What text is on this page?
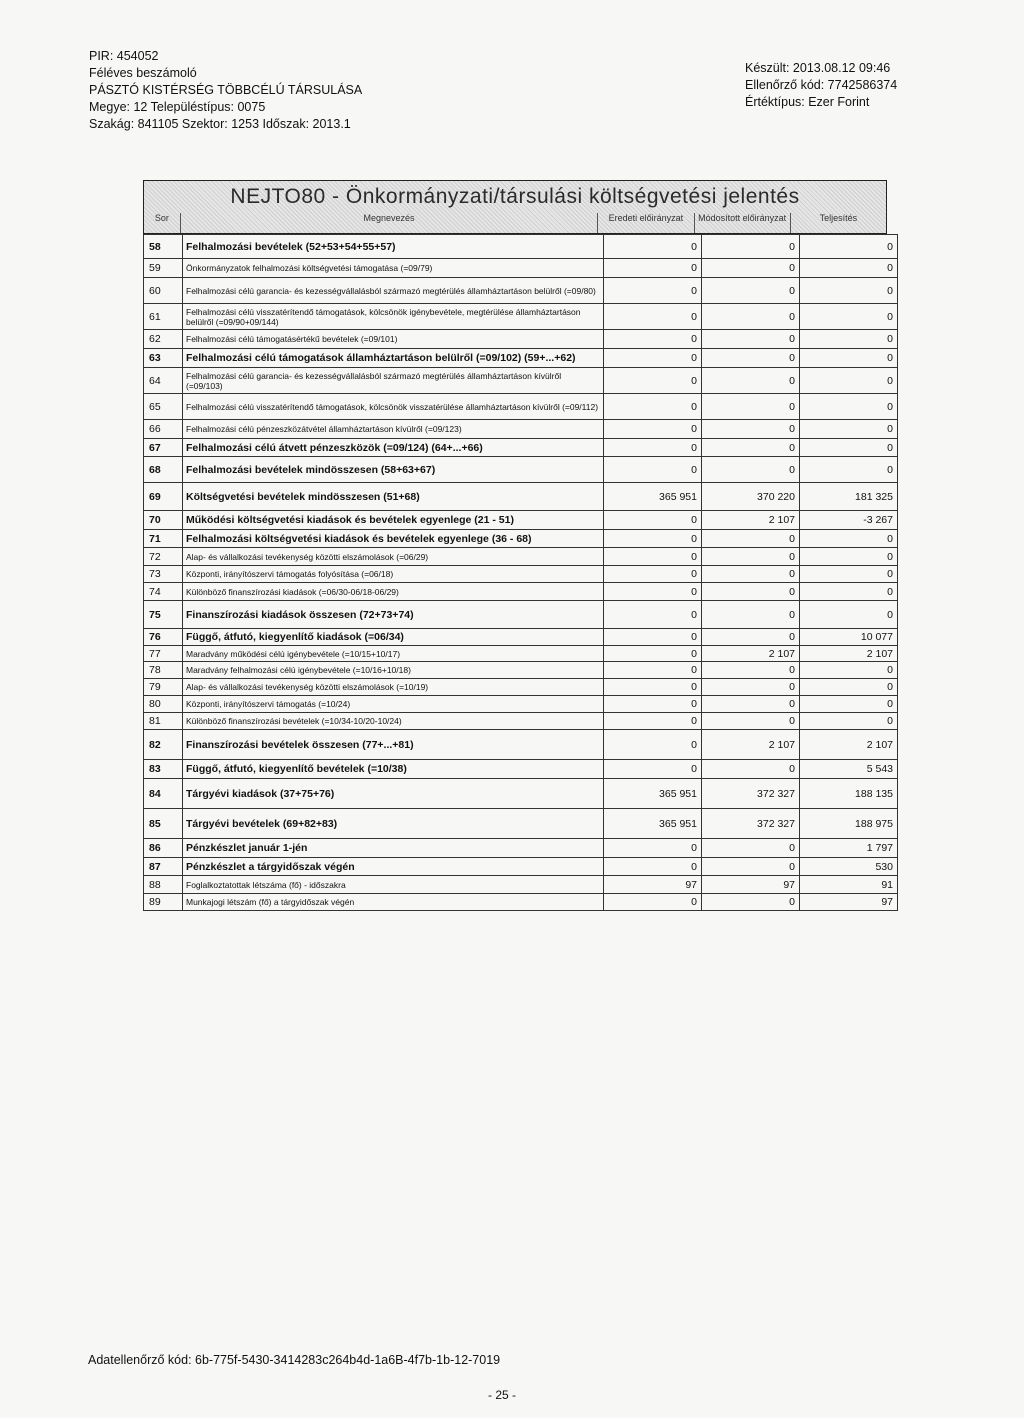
PIR: 454052
Féléves beszámoló
PÁSZTÓ KISTÉRSÉG TÖBBCÉLÚ TÁRSULÁSA
Megye: 12 Településtípus: 0075
Szakág: 841105 Szektor: 1253 Időszak: 2013.1
Készült: 2013.08.12 09:46
Ellenőrző kód: 7742586374
Értéktípus: Ezer Forint
NEJTO80 - Önkormányzati/társulási költségvetési jelentés
Sor	Megnevezés	Eredeti előirányzat	Módosított előirányzat	Teljesítés
58	Felhalmozási bevételek (52+53+54+55+57)	0	0	0
59	Önkormányzatok felhalmozási költségvetési támogatása (=09/79)	0	0	0
60	Felhalmozási célú garancia- és kezességvállalásból származó megtérülés államháztartáson belülről (=09/80)	0	0	0
61	Felhalmozási célú visszatérítendő támogatások, kölcsönök igénybevétele, megtérülése államháztartáson belülről (=09/90+09/144)	0	0	0
62	Felhalmozási célú támogatásértékű bevételek (=09/101)	0	0	0
63	Felhalmozási célú támogatások államháztartáson belülről (=09/102) (59+...+62)	0	0	0
64	Felhalmozási célú garancia- és kezességvállalásból származó megtérülés államháztartáson kívülről (=09/103)	0	0	0
65	Felhalmozási célú visszatérítendő támogatások, kölcsönök visszatérülése államháztartáson kívülről (=09/112)	0	0	0
66	Felhalmozási célú pénzeszközátvétel államháztartáson kívülről (=09/123)	0	0	0
67	Felhalmozási célú átvett pénzeszközök (=09/124) (64+...+66)	0	0	0
68	Felhalmozási bevételek mindösszesen (58+63+67)	0	0	0
69	Költségvetési bevételek mindösszesen (51+68)	365 951	370 220	181 325
70	Működési költségvetési kiadások és bevételek egyenlege (21 - 51)	0	2 107	-3 267
71	Felhalmozási költségvetési kiadások és bevételek egyenlege (36 - 68)	0	0	0
72	Alap- és vállalkozási tevékenység közötti elszámolások (=06/29)	0	0	0
73	Központi, irányítószervi támogatás folyósítása (=06/18)	0	0	0
74	Különböző finanszírozási kiadások (=06/30-06/18-06/29)	0	0	0
75	Finanszírozási kiadások összesen (72+73+74)	0	0	0
76	Függő, átfutó, kiegyenlítő kiadások (=06/34)	0	0	10 077
77	Maradvány működési célú igénybevétele (=10/15+10/17)	0	2 107	2 107
78	Maradvány felhalmozási célú igénybevétele (=10/16+10/18)	0	0	0
79	Alap- és vállalkozási tevékenység közötti elszámolások (=10/19)	0	0	0
80	Központi, irányítószervi támogatás (=10/24)	0	0	0
81	Különböző finanszírozási bevételek (=10/34-10/20-10/24)	0	0	0
82	Finanszírozási bevételek összesen (77+...+81)	0	2 107	2 107
83	Függő, átfutó, kiegyenlítő bevételek (=10/38)	0	0	5 543
84	Tárgyévi kiadások (37+75+76)	365 951	372 327	188 135
85	Tárgyévi bevételek (69+82+83)	365 951	372 327	188 975
86	Pénzkészlet január 1-jén	0	0	1 797
87	Pénzkészlet a tárgyidőszak végén	0	0	530
88	Foglalkoztatottak létszáma (fő) - időszakra	97	97	91
89	Munkajogi létszám (fő) a tárgyidőszak végén	0	0	97
Adatellenőrző kód: 6b-775f-5430-3414283c264b4d-1a6B-4f7b-1b-12-7019
- 25 -
